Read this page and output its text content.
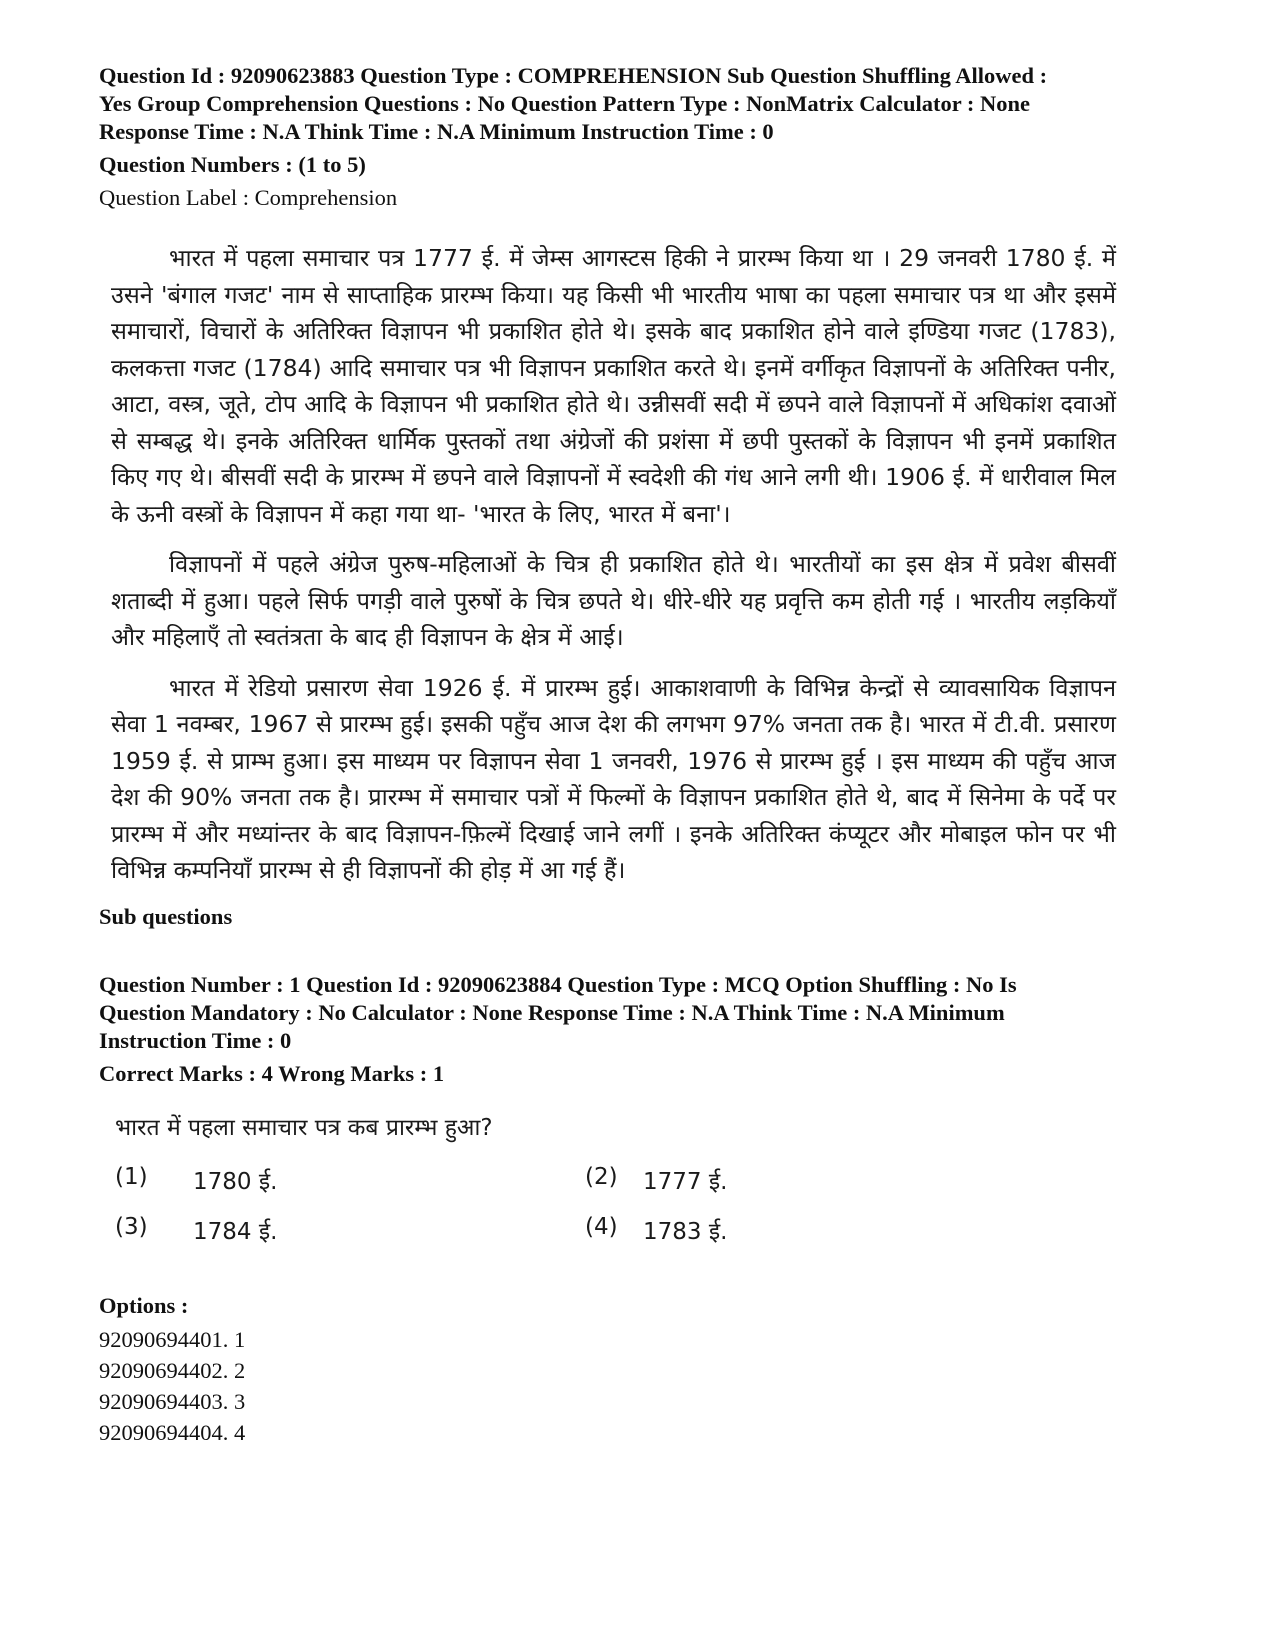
Question Id : 92090623883 Question Type : COMPREHENSION Sub Question Shuffling Allowed :
Yes Group Comprehension Questions : No Question Pattern Type : NonMatrix Calculator : None
Response Time : N.A Think Time : N.A Minimum Instruction Time : 0
Question Numbers : (1 to 5)
Question Label : Comprehension

भारत में पहला समाचार पत्र 1777 ई. में जेम्स आगस्टस हिकी ने प्रारम्भ किया था । 29 जनवरी 1780 ई. में उसने 'बंगाल गजट' नाम से साप्ताहिक प्रारम्भ किया। यह किसी भी भारतीय भाषा का पहला समाचार पत्र था और इसमें समाचारों, विचारों के अतिरिक्त विज्ञापन भी प्रकाशित होते थे। इसके बाद प्रकाशित होने वाले इण्डिया गजट (1783), कलकत्ता गजट (1784) आदि समाचार पत्र भी विज्ञापन प्रकाशित करते थे। इनमें वर्गीकृत विज्ञापनों के अतिरिक्त पनीर, आटा, वस्त्र, जूते, टोप आदि के विज्ञापन भी प्रकाशित होते थे। उन्नीसवीं सदी में छपने वाले विज्ञापनों में अधिकांश दवाओं से सम्बद्ध थे। इनके अतिरिक्त धार्मिक पुस्तकों तथा अंग्रेजों की प्रशंसा में छपी पुस्तकों के विज्ञापन भी इनमें प्रकाशित किए गए थे। बीसवीं सदी के प्रारम्भ में छपने वाले विज्ञापनों में स्वदेशी की गंध आने लगी थी। 1906 ई. में धारीवाल मिल के ऊनी वस्त्रों के विज्ञापन में कहा गया था- 'भारत के लिए, भारत में बना'।

विज्ञापनों में पहले अंग्रेज पुरुष-महिलाओं के चित्र ही प्रकाशित होते थे। भारतीयों का इस क्षेत्र में प्रवेश बीसवीं शताब्दी में हुआ। पहले सिर्फ पगड़ी वाले पुरुषों के चित्र छपते थे। धीरे-धीरे यह प्रवृत्ति कम होती गई । भारतीय लड़कियाँ और महिलाएँ तो स्वतंत्रता के बाद ही विज्ञापन के क्षेत्र में आई।

भारत में रेडियो प्रसारण सेवा 1926 ई. में प्रारम्भ हुई। आकाशवाणी के विभिन्न केन्द्रों से व्यावसायिक विज्ञापन सेवा 1 नवम्बर, 1967 से प्रारम्भ हुई। इसकी पहुँच आज देश की लगभग 97% जनता तक है। भारत में टी.वी. प्रसारण 1959 ई. से प्राम्भ हुआ। इस माध्यम पर विज्ञापन सेवा 1 जनवरी, 1976 से प्रारम्भ हुई । इस माध्यम की पहुँच आज देश की 90% जनता तक है। प्रारम्भ में समाचार पत्रों में फिल्मों के विज्ञापन प्रकाशित होते थे, बाद में सिनेमा के पर्दे पर प्रारम्भ में और मध्यांन्तर के बाद विज्ञापन-फ़िल्में दिखाई जाने लगीं । इनके अतिरिक्त कंप्यूटर और मोबाइल फोन पर भी विभिन्न कम्पनियाँ प्रारम्भ से ही विज्ञापनों की होड़ में आ गई हैं।

Sub questions
Question Number : 1 Question Id : 92090623884 Question Type : MCQ Option Shuffling : No Is
Question Mandatory : No Calculator : None Response Time : N.A Think Time : N.A Minimum
Instruction Time : 0
Correct Marks : 4 Wrong Marks : 1
भारत में पहला समाचार पत्र कब प्रारम्भ हुआ?
(1)	1780 ई.	(2)	1777 ई.
(3)	1784 ई.	(4)	1783 ई.
Options :
92090694401. 1
92090694402. 2
92090694403. 3
92090694404. 4
